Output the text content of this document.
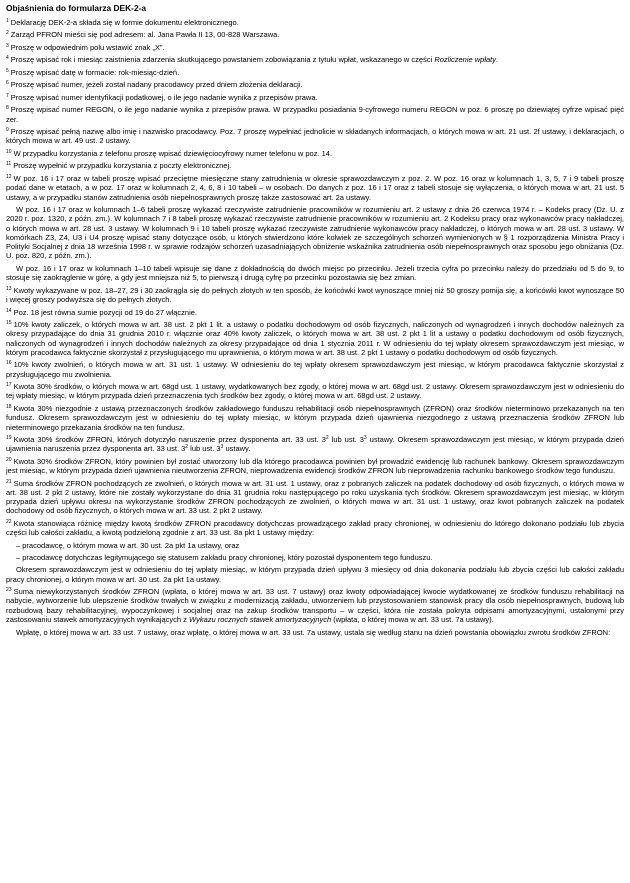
Objaśnienia do formularza DEK-2-a
$^1$ Deklarację DEK-2-a składa się w formie dokumentu elektronicznego.
$^2$ Zarząd PFRON mieści się pod adresem: al. Jana Pawła II 13, 00-828 Warszawa.
$^3$ Proszę w odpowiednim polu wstawić znak „X”.
$^4$ Proszę wpisać rok i miesiąc zaistnienia zdarzenia skutkującego powstaniem zobowiązania z tytułu wpłat, wskazanego w części Rozliczenie wpłaty.
$^5$ Proszę wpisać datę w formacie: rok-miesiąc-dzień.
$^6$ Proszę wpisać numer, jeżeli został nadany pracodawcy przed dniem złożenia deklaracji.
$^7$ Proszę wpisać numer identyfikacji podatkowej, o ile jego nadanie wynika z przepisów prawa.
$^8$ Proszę wpisać numer REGON, o ile jego nadanie wynika z przepisów prawa. W przypadku posiadania 9-cyfrowego numeru REGON w poz. 6 proszę po dziewiątej cyfrze wpisać pięć zer.
$^9$ Proszę wpisać pełną nazwę albo imię i nazwisko pracodawcy. Poz. 7 proszę wypełniać jednolicie w składanych informacjach, o których mowa w art. 21 ust. 2f ustawy, i deklaracjach, o których mowa w art. 49 ust. 2 ustawy.
$^{10}$ W przypadku korzystania z telefonu proszę wpisać dziewięciocyfrowy numer telefonu w poz. 14.
$^{11}$ Proszę wypełnić w przypadku korzystania z poczty elektronicznej.
$^{12}$ W poz. 16 i 17 oraz w tabeli proszę wpisać przeciętne miesięczne stany zatrudnienia w okresie sprawozdawczym z poz. 2. W poz. 16 oraz w kolumnach 1, 3, 5, 7 i 9 tabeli proszę podać dane w etatach, a w poz. 17 oraz w kolumnach 2, 4, 6, 8 i 10 tabeli – w osobach. Do danych z poz. 16 i 17 oraz z tabeli stosuje się wyłączenia, o których mowa w art. 21 ust. 5 ustawy, a w przypadku stanów zatrudnienia osób niepełnosprawnych proszę także zastosować art. 2a ustawy.
W poz. 16 i 17 oraz w kolumnach 1–6 tabeli proszę wykazać rzeczywiste zatrudnienie pracowników w rozumieniu art. 2 ustawy z dnia 26 czerwca 1974 r. – Kodeks pracy (Dz. U. z 2020 r. poz. 1320, z późn. zm.). W kolumnach 7 i 8 tabeli proszę wykazać rzeczywiste zatrudnienie pracowników w rozumieniu art. 2 Kodeksu pracy oraz wykonawców pracy nakładczej, o których mowa w art. 28 ust. 3 ustawy. W kolumnach 9 i 10 tabeli proszę wykazać rzeczywiste zatrudnienie wykonawców pracy nakładczej, o których mowa w art. 28 ust. 3 ustawy. W komórkach Z3, Z4, U3 i U4 proszę wpisać stany dotyczące osób, u których stwierdzono które kolwiek ze szczególnych schorzeń wymienionych w § 1 rozporządzenia Ministra Pracy i Polityki Socjalnej z dnia 18 września 1998 r. w sprawie rodzajów schorzeń uzasadniających obniżenie wskaźnika zatrudnienia osób niepełnosprawnych oraz sposobu jego obniżania (Dz. U. poz. 820, z późn. zm.).
W poz. 16 i 17 oraz w kolumnach 1–10 tabeli wpisuje się dane z dokładnością do dwóch miejsc po przecinku. Jeżeli trzecia cyfra po przecinku należy do przedziału od 5 do 9, to stosuje się zaokrąglenie w górę, a gdy jest mniejsza niż 5, to pierwszą i drugą cyfrę po przecinku pozostawia się bez zmian.
$^{13}$ Kwoty wykazywane w poz. 18–27, 29 i 30 zaokrągla się do pełnych złotych w ten sposób, że końcówki kwot wynoszące mniej niż 50 groszy pomija się, a końcówki kwot wynoszące 50 i więcej groszy podwyższa się do pełnych złotych.
$^{14}$ Poz. 18 jest równa sumie pozycji od 19 do 27 włącznie.
$^{15}$ 10% kwoty zaliczek, o których mowa w art. 38 ust. 2 pkt 1 lit. a ustawy o podatku dochodowym od osób fizycznych, naliczonych od wynagrodzeń i innych dochodów należnych za okresy przypadające do dnia 31 grudnia 2010 r. włącznie oraz 40% kwoty zaliczek, o których mowa w art. 38 ust. 2 pkt 1 lit a ustawy o podatku dochodowym od osób fizycznych, naliczonych od wynagrodzeń i innych dochodów należnych za okresy przypadające od dnia 1 stycznia 2011 r. W odniesieniu do tej wpłaty okresem sprawozdawczym jest miesiąc, w którym pracodawca faktycznie skorzystał z przysługującego mu uprawnienia, o którym mowa w art. 38 ust. 2 pkt 1 ustawy o podatku dochodowym od osób fizycznych.
$^{16}$ 10% kwoty zwolnień, o których mowa w art. 31 ust. 1 ustawy. W odniesieniu do tej wpłaty okresem sprawozdawczym jest miesiąc, w którym pracodawca faktycznie skorzystał z przysługującego mu zwolnienia.
$^{17}$ Kwota 30% środków, o których mowa w art. 68gd ust. 1 ustawy, wydatkowanych bez zgody, o której mowa w art. 68gd ust. 2 ustawy. Okresem sprawozdawczym jest w odniesieniu do tej wpłaty miesiąc, w którym przypada dzień przeznaczenia tych środków bez zgody, o której mowa w art. 68gd ust. 2 ustawy.
$^{18}$ Kwota 30% niezgodnie z ustawą przeznaczonych środków zakładowego funduszu rehabilitacji osób niepełnosprawnych (ZFRON) oraz środków nieterminowo przekazanych na ten fundusz. Okresem sprawozdawczym jest w odniesieniu do tej wpłaty miesiąc, w którym przypada dzień ujawnienia niezgodnego z ustawą przeznaczenia środków ZFRON lub nieterminowego przekazania środków na ten fundusz.
$^{19}$ Kwota 30% środków ZFRON, których dotyczyło naruszenie przez dysponenta art. 33 ust. $3^2$ lub ust. $3^3$ ustawy. Okresem sprawozdawczym jest miesiąc, w którym przypada dzień ujawnienia naruszenia przez dysponenta art. 33 ust. $3^2$ lub ust. $3^3$ ustawy.
$^{20}$ Kwota 30% środków ZFRON, który powinien był zostać utworzony lub dla którego pracodawca powinien był prowadzić ewidencję lub rachunek bankowy. Okresem sprawozdawczym jest miesiąc, w którym przypada dzień ujawnienia nieutworzenia ZFRON, nieprowadzenia ewidencji środków ZFRON lub nieprowadzenia rachunku bankowego środków tego funduszu.
$^{21}$ Suma środków ZFRON pochodzących ze zwolnień, o których mowa w art. 31 ust. 1 ustawy, oraz z pobranych zaliczek na podatek dochodowy od osób fizycznych, o których mowa w art. 38 ust. 2 pkt 2 ustawy, które nie zostały wykorzystane do dnia 31 grudnia roku następującego po roku uzyskania tych środków. Okresem sprawozdawczym jest miesiąc, w którym przypada dzień upływu okresu na wykorzystanie środków ZFRON pochodzących ze zwolnień, o których mowa w art. 31 ust. 1 ustawy, oraz kwot pobranych zaliczek na podatek dochodowy od osób fizycznych, o których mowa w art. 33 ust. 2 pkt 2 ustawy.
$^{22}$ Kwota stanowiąca różnicę między kwotą środków ZFRON pracodawcy dotychczas prowadzącego zakład pracy chronionej, w odniesieniu do którego dokonano podziału lub zbycia części lub całości zakładu, a kwotą podzieloną zgodnie z art. 33 ust. 8a pkt 1 ustawy między:
– pracodawcę, o którym mowa w art. 30 ust. 2a pkt 1a ustawy, oraz
– pracodawcę dotychczas legitymującego się statusem zakładu pracy chronionej, który pozostał dysponentem tego funduszu.
Okresem sprawozdawczym jest w odniesieniu do tej wpłaty miesiąc, w którym przypada dzień upływu 3 miesięcy od dnia dokonania podziału lub zbycia części lub całości zakładu pracy chronionej, o którym mowa w art. 30 ust. 2a pkt 1a ustawy.
$^{23}$ Suma niewykorzystanych środków ZFRON (wpłata, o której mowa w art. 33 ust. 7 ustawy) oraz kwoty odpowiadającej kwocie wydatkowanej ze środków funduszu rehabilitacji na nabycie, wytworzenie lub ulepszenie środków trwałych w związku z modernizacją zakładu, utworzeniem lub przystosowaniem stanowisk pracy dla osób niepełnosprawnych, budową lub rozbudową bazy rehabilitacyjnej, wypoczynkowej i socjalnej oraz na zakup środków transportu – w części, która nie została pokryta odpisami amortyzacyjnymi, ustalonymi przy zastosowaniu stawek amortyzacyjnych wynikających z Wykazu rocznych stawek amortyzacyjnych (wpłata, o której mowa w art. 33 ust. 7a ustawy).
Wpłatę, o której mowa w art. 33 ust. 7 ustawy, oraz wpłatę, o której mowa w art. 33 ust. 7a ustawy, ustala się według stanu na dzień powstania obowiązku zwrotu środków ZFRON:
